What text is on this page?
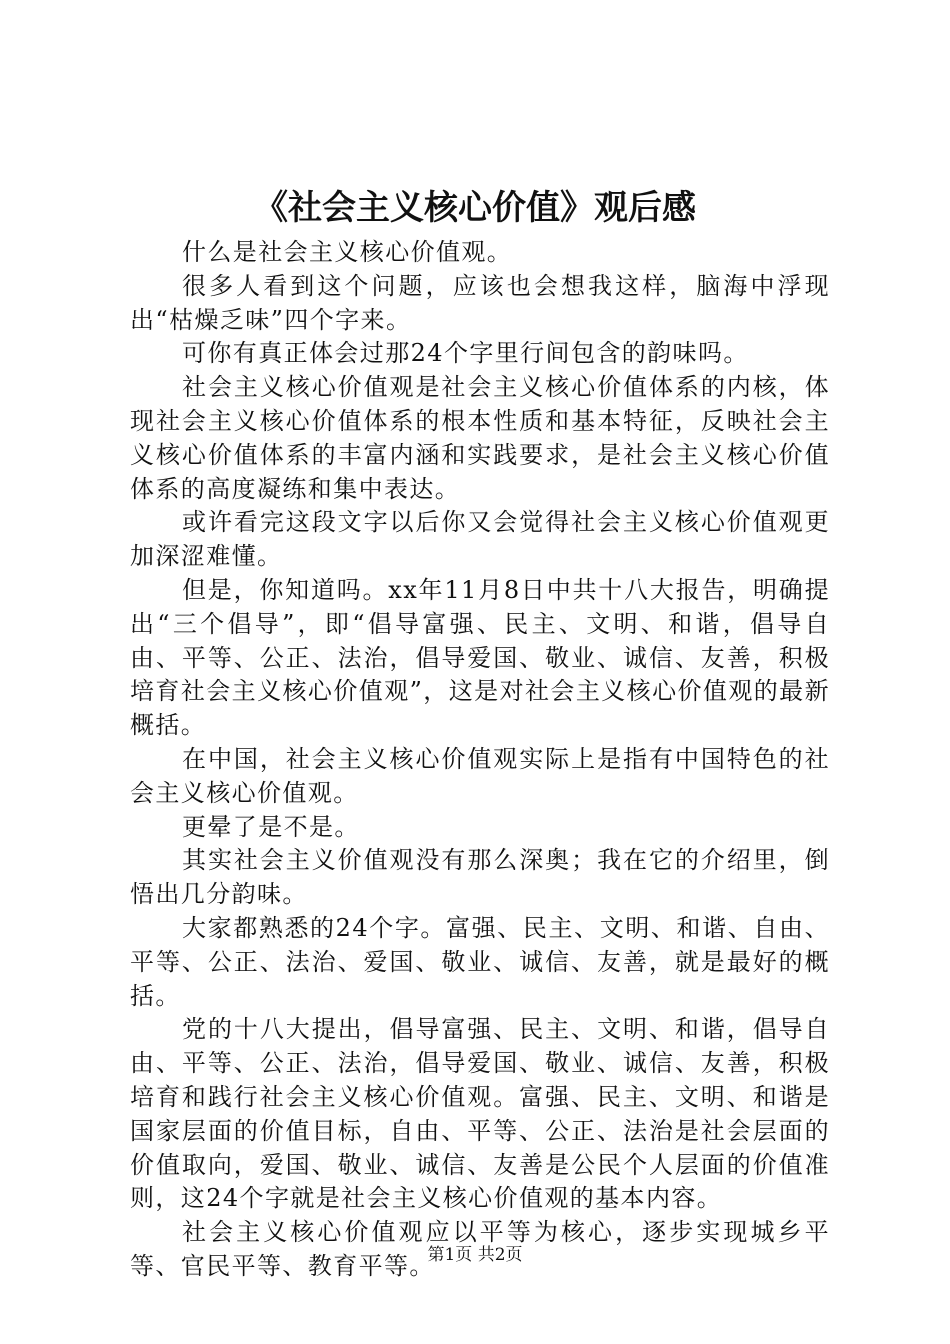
《社会主义核心价值》观后感

什么是社会主义核心价值观。

很多人看到这个问题，应该也会想我这样，脑海中浮现出“枯燥乏味”四个字来。

可你有真正体会过那24个字里行间包含的韵味吗。

社会主义核心价值观是社会主义核心价值体系的内核，体现社会主义核心价值体系的根本性质和基本特征，反映社会主义核心价值体系的丰富内涵和实践要求，是社会主义核心价值体系的高度凝练和集中表达。

或许看完这段文字以后你又会觉得社会主义核心价值观更加深涩难懂。

但是，你知道吗。xx年11月8日中共十八大报告，明确提出“三个倡导”，即“倡导富强、民主、文明、和谐，倡导自由、平等、公正、法治，倡导爱国、敬业、诚信、友善，积极培育社会主义核心价值观”，这是对社会主义核心价值观的最新概括。

在中国，社会主义核心价值观实际上是指有中国特色的社会主义核心价值观。

更晕了是不是。

其实社会主义价值观没有那么深奥；我在它的介绍里，倒悟出几分韵味。

大家都熟悉的24个字。富强、民主、文明、和谐、自由、平等、公正、法治、爱国、敬业、诚信、友善，就是最好的概括。

党的十八大提出，倡导富强、民主、文明、和谐，倡导自由、平等、公正、法治，倡导爱国、敬业、诚信、友善，积极培育和践行社会主义核心价值观。富强、民主、文明、和谐是国家层面的价值目标，自由、平等、公正、法治是社会层面的价值取向，爱国、敬业、诚信、友善是公民个人层面的价值准则，这24个字就是社会主义核心价值观的基本内容。

社会主义核心价值观应以平等为核心，逐步实现城乡平等、官民平等、教育平等。

第1页 共2页
